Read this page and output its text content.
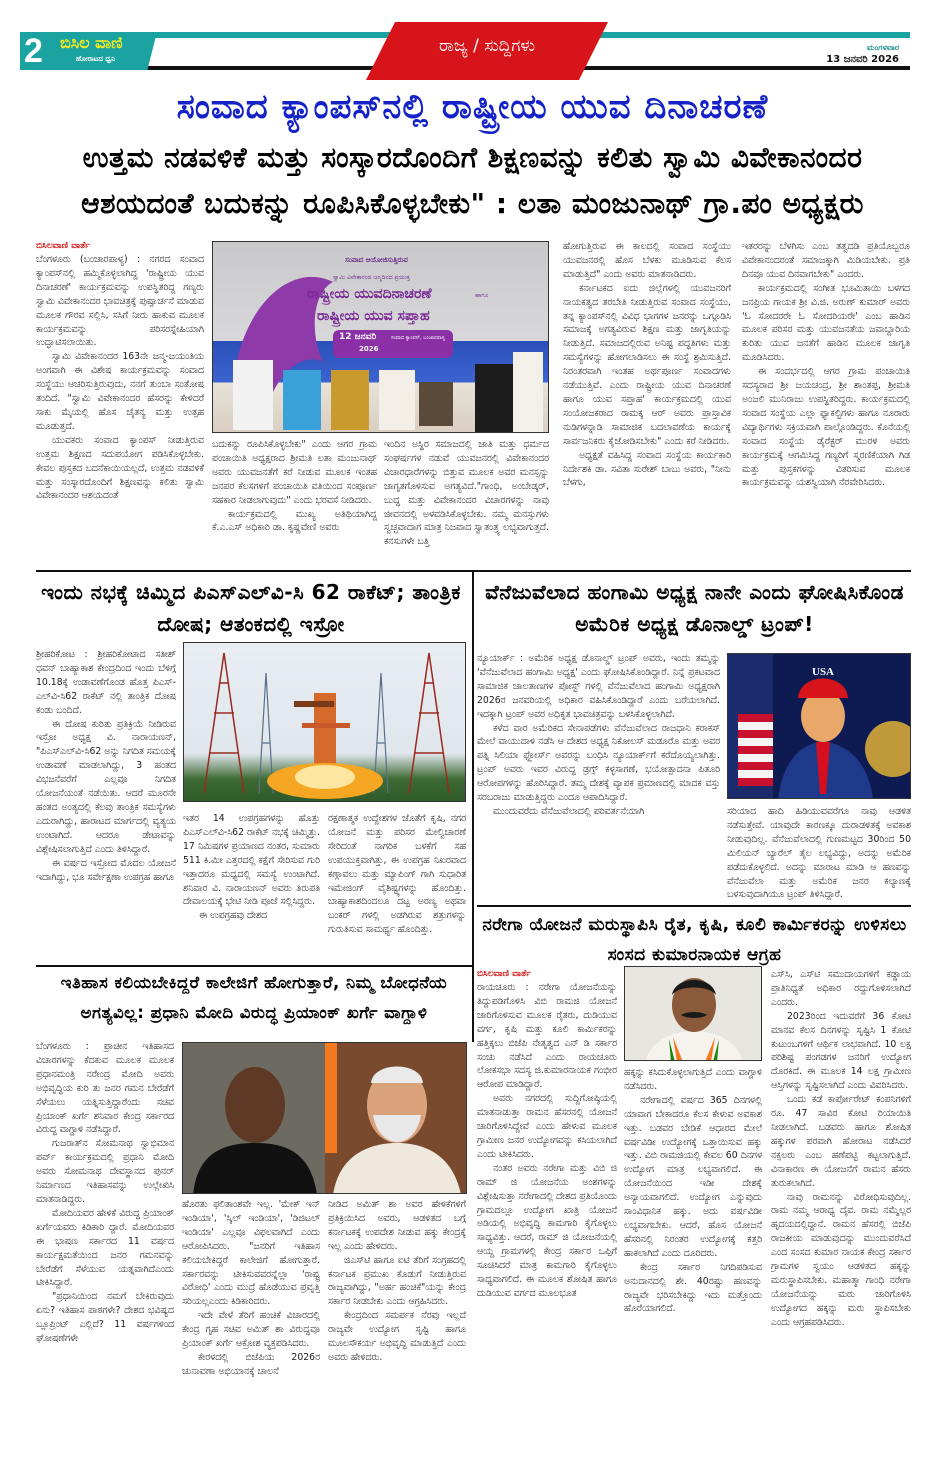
2 ಬಿಸಿಲ ವಾಣಿ
ಹೋರಾಟದ ಧ್ವನಿ
ರಾಜ್ಯ / ಸುದ್ದಿಗಳು	ಮಂಗಳವಾರ
13 ಜನವರಿ 2026
ಸಂವಾದ ಕ್ಯಾಂಪಸ್‌ನಲ್ಲಿ ರಾಷ್ಟ್ರೀಯ ಯುವ ದಿನಾಚರಣೆ
ಉತ್ತಮ ನಡವಳಿಕೆ ಮತ್ತು ಸಂಸ್ಕಾರದೊಂದಿಗೆ ಶಿಕ್ಷಣವನ್ನು ಕಲಿತು ಸ್ವಾಮಿ ವಿವೇಕಾನಂದರ ಆಶಯದಂತೆ ಬದುಕನ್ನು ರೂಪಿಸಿಕೊಳ್ಳಬೇಕು" : ಲತಾ ಮಂಜುನಾಥ್ ಗ್ರಾ.ಪಂ ಅಧ್ಯಕ್ಷರು
ಬಿಸಿಲವಾಣಿ ವಾರ್ತೆ

ಬೆಂಗಳೂರು (ಬಂಜಾರಪಾಳ್ಯ) : ನಗರದ ಸಂವಾದ ಕ್ಯಾಂಪಸ್‌ನಲ್ಲಿ ಹಮ್ಮಿಕೊಳ್ಳಲಾಗಿದ್ದ 'ರಾಷ್ಟ್ರೀಯ ಯುವ ದಿನಾಚರಣೆ' ಕಾರ್ಯಕ್ರಮವನ್ನು ಉಪಸ್ಥಿತರಿದ್ದ ಗಣ್ಯರು ಸ್ವಾಮಿ ವಿವೇಕಾನಂದರ ಭಾವಚಿತ್ರಕ್ಕೆ ಪುಷ್ಪಾರ್ಚನೆ ಮಾಡುವ ಮೂಲಕ ಗೌರವ ಸಲ್ಲಿಸಿ, ಸಸಿಗೆ ನೀರು ಹಾಕುವ ಮೂಲಕ ಕಾರ್ಯಕ್ರಮವನ್ನು ಪರಿಸರಸ್ನೇಹಿಯಾಗಿ ಉದ್ಘಾಟಿಸಲಾಯಿತು.

ಸ್ವಾಮಿ ವಿವೇಕಾನಂದರ 163ನೇ ಜನ್ಮ-ಜಯಂತಿಯ ಅಂಗವಾಗಿ ಈ ವಿಶೇಷ ಕಾರ್ಯಕ್ರಮವನ್ನು ಸಂವಾದ ಸಂಸ್ಥೆಯು ಆಚರಿಸುತ್ತಿರುವುದು, ನನಗೆ ತುಂಬಾ ಸಂತೋಷ ತಂದಿದೆ. "ಸ್ವಾಮಿ ವಿವೇಕಾನಂದರ ಹೆಸರನ್ನು ಕೇಳಿದರೆ ಸಾಕು ಮೈಯಲ್ಲಿ ಹೊಸ ಚೈತನ್ಯ ಮತ್ತು ಉತ್ಸಹ ಮೂಡುತ್ತದೆ.

ಯುವಕರು ಸಂವಾದ ಕ್ಯಾಂಪಸ್ ನೀಡುತ್ತಿರುವ ಉತ್ತಮ ಶಿಕ್ಷಣದ ಸದುಪಯೋಗ ಪಡಿಸಿಕೊಳ್ಳಬೇಕು. ಕೇವಲ ಪುಸ್ತಕದ ಬದನೆಕಾಯಿಯಲ್ಲದೆ, ಉತ್ತಮ ನಡವಳಿಕೆ ಮತ್ತು ಸಂಸ್ಕಾರದೊಂದಿಗೆ ಶಿಕ್ಷಣವನ್ನು ಕಲಿತು ಸ್ವಾಮಿ ವಿವೇಕಾನಂದರ ಆಶಯದಂತೆ

ಸಂವಾದ ಆಯೋಜಿಸುತ್ತಿರುವ
ಸ್ವಾಮಿ ವಿವೇಕಾನಂದ ಜನ್ಮದಿನದ ಪ್ರಯುಕ್ತ
ರಾಷ್ಟ್ರೀಯ ಯುವದಿನಾಚರಣೆ	ಹಾಗೂ
ರಾಷ್ಟ್ರೀಯ ಯುವ ಸಪ್ತಾಹ
12 ಜನವರಿ
2026
ಸಂವಾದ ಕ್ಯಾಂಪಸ್, ಬಂಜಾರಪಾಳ್ಯ

ಬದುಕನ್ನು ರೂಪಿಸಿಕೊಳ್ಳಬೇಕು" ಎಂದು ಆಗರ ಗ್ರಾಮ ಪಂಚಾಯಿತಿ ಅಧ್ಯಕ್ಷರಾದ ಶ್ರೀಮತಿ ಲತಾ ಮಂಜುನಾಥ್ ಅವರು ಯುವಜನತೆಗೆ ಕರೆ ನೀಡುವ ಮೂಲಕ ಇಂತಹ ಜನಪರ ಕೆಲಸಗಳಿಗೆ ಪಂಚಾಯಿತಿ ವತಿಯಿಂದ ಸಂಪೂರ್ಣ ಸಹಕಾರ ನೀಡಲಾಗುವುದು" ಎಂದು ಭರವಸೆ ನೀಡಿದರು.

ಕಾರ್ಯಕ್ರಮದಲ್ಲಿ ಮುಖ್ಯ ಅತಿಥಿಯಾಗಿದ್ದ ಕೆ.ಎ.ಎಸ್ ಅಧಿಕಾರಿ ಡಾ. ಕೃಷ್ಣವೇಣಿ ಅವರು

ಇಂದಿನ ಅಸ್ಥಿರ ಸಮಾಜದಲ್ಲಿ ಜಾತಿ ಮತ್ತು ಧರ್ಮದ ಸಂಘರ್ಷಗಳ ನಡುವೆ ಯುವಜನರಲ್ಲಿ ವಿವೇಕಾನಂದರ ವಿಚಾರಧಾರೆಗಳನ್ನು ಬಿತ್ತುವ ಮೂಲಕ ಅವರ ಮನಸ್ಸನ್ನು ಜಾಗೃತಗೊಳಿಸುವ ಅಗತ್ಯವಿದೆ."ಗಾಂಧಿ, ಅಂಬೇಡ್ಕರ್, ಬುದ್ಧ ಮತ್ತು ವಿವೇಕಾನಂದರ ವಿಚಾರಗಳನ್ನು ನಾವು ಜೀವನದಲ್ಲಿ ಅಳವಡಿಸಿಕೊಳ್ಳಬೇಕು. ನಮ್ಮ ಮನಸ್ಸುಗಳು ಸ್ವಚ್ಛವಾದಾಗ ಮಾತ್ರ ನಿಜವಾದ ಸ್ವಾತಂತ್ರ್ಯ ಲಭ್ಯವಾಗುತ್ತದೆ. ಕನಸುಗಳೇ ಬತ್ತಿ

ಹೋಗುತ್ತಿರುವ ಈ ಕಾಲದಲ್ಲಿ ಸಂವಾದ ಸಂಸ್ಥೆಯು ಯುವಜನರಲ್ಲಿ ಹೊಸ ಬೆಳಕು ಮೂಡಿಸುವ ಕೆಲಸ ಮಾಡುತ್ತಿದೆ" ಎಂದು ಅವರು ಮಾತನಾಡಿದರು.

ಕರ್ನಾಟಕದ ಐದು ಜಿಲ್ಲೆಗಳಲ್ಲಿ ಯುವಜನರಿಗೆ ನಾಯಕತ್ವದ ತರಬೇತಿ ನೀಡುತ್ತಿರುವ ಸಂವಾದ ಸಂಸ್ಥೆಯು, ತನ್ನ ಕ್ಯಾಂಪಸ್‌ನಲ್ಲಿ ವಿವಿಧ ಭಾಗಗಳ ಜನರನ್ನು ಒಗ್ಗೂಡಿಸಿ ಸಮಾಜಕ್ಕೆ ಅಗತ್ಯವಿರುವ ಶಿಕ್ಷಣ ಮತ್ತು ಜಾಗೃತಿಯನ್ನು ನೀಡುತ್ತಿದೆ. ಸಮಾಜದಲ್ಲಿರುವ ಅನಿಷ್ಟ ಪದ್ಧತಿಗಳು ಮತ್ತು ಸಮಸ್ಯೆಗಳನ್ನು ಹೋಗಲಾಡಿಸಲು ಈ ಸಂಸ್ಥೆ ಶ್ರಮಿಸುತ್ತಿದೆ. ನಿರಂತರವಾಗಿ ಇಂತಹ ಅರ್ಥಪೂರ್ಣ ಸಂವಾದಗಳು ನಡೆಯುತ್ತಿವೆ. ಎಂದು ರಾಷ್ಟ್ರೀಯ ಯುವ ದಿನಾಚರಣೆ ಹಾಗೂ ಯುವ ಸಪ್ತಾಹ' ಕಾರ್ಯಕ್ರಮದಲ್ಲಿ ಯುವ ಸಂಯೋಜಕರಾದ ರಾಮಕ್ಕ ಆರ್ ಅವರು ಪ್ರಾಸ್ತಾವಿಕ ನುಡಿಗಳನ್ನಾಡಿ ಸಾಮಾಜಿಕ ಬದಲಾವಣೆಯ ಕಾರ್ಯಕ್ಕೆ ಸಾರ್ವಜನಿಕರು ಕೈಜೋಡಿಸಬೇಕು" ಎಂದು ಕರೆ ನೀಡಿದರು.

ಅಧ್ಯಕ್ಷತೆ ವಹಿಸಿದ್ದ ಸಂವಾದ ಸಂಸ್ಥೆಯ ಕಾರ್ಯಕಾರಿ ನಿರ್ದೇಶಕಿ ಡಾ. ಸವಿತಾ ಸುರೇಶ್ ಬಾಬು ಅವರು, "ನೀನು ಬೆಳಗು,

ಇತರರನ್ನು ಬೆಳಗಿಸು ಎಂಬ ತತ್ವದಡಿ ಪ್ರತಿಯೊಬ್ಬರೂ ವಿವೇಕಾನಂದರಂತೆ ಸಮಾಜಕ್ಕಾಗಿ ಮಿಡಿಯಬೇಕು. ಪ್ರತಿ ದಿನವೂ ಯುವ ದಿನವಾಗಬೇಕು" ಎಂದರು.

ಕಾರ್ಯಕ್ರಮದಲ್ಲಿ ಸಂಗೀತ ಭೂಮಿತಾಯಿ ಬಳಗದ ಜನಪ್ರಿಯ ಗಾಯಕ ಶ್ರೀ ವಿ.ಜಿ. ಅರುಣ್ ಕುಮಾರ್ ಅವರು 'ಓ ಸೋದರರೇ ಓ ಸೋದರಿಯರೇ' ಎಂಬ ಹಾಡಿನ ಮೂಲಕ ಪರಿಸರ ಮತ್ತು ಯುವಜನತೆಯ ಜವಾಬ್ದಾರಿಯ ಕುರಿತು ಯುವ ಜನತೆಗೆ ಹಾಡಿನ ಮೂಲಕ ಜಾಗೃತಿ ಮೂಡಿಸಿದರು.

ಈ ಸಂದರ್ಭದಲ್ಲಿ ಆಗರ ಗ್ರಾಮ ಪಂಚಾಯಿತಿ ಸದಸ್ಯರಾದ ಶ್ರೀ ಜಯಚಂದ್ರ, ಶ್ರೀ ಶಾಂತಪ್ಪ, ಶ್ರೀಮತಿ ಅಂಜಲಿ ಮುನಿರಾಜು ಉಪಸ್ಥಿತರಿದ್ದರು. ಕಾರ್ಯಕ್ರಮದಲ್ಲಿ ಸಂವಾದ ಸಂಸ್ಥೆಯ ಎಲ್ಲಾ ಫ್ಯಾಕಲ್ಟಿಗಳು ಹಾಗೂ ನೂರಾರು ವಿದ್ಯಾರ್ಥಿಗಳು ಸಕ್ರಿಯವಾಗಿ ಪಾಲ್ಗೊಂಡಿದ್ದರು. ಕೊನೆಯಲ್ಲಿ ಸಂವಾದ ಸಂಸ್ಥೆಯ ಡೈರೆಕ್ಟರ್ ಮುರಳಿ ಅವರು ಕಾರ್ಯಕ್ರಮಕ್ಕೆ ಆಗಮಿಸಿದ್ದ ಗಣ್ಯರಿಗೆ ಸ್ಮರಣಿಕೆಯಾಗಿ ಗಿಡ ಮತ್ತು ಪುಸ್ತಕಗಳನ್ನು ವಿತರಿಸುವ ಮೂಲಕ ಕಾರ್ಯಕ್ರಮವನ್ನು ಯಶಸ್ವಿಯಾಗಿ ನೆರವೇರಿಸಿದರು.

ಇಂದು ನಭಕ್ಕೆ ಚಿಮ್ಮಿದ ಪಿಎಸ್‌ಎಲ್‌ವಿ-ಸಿ 62 ರಾಕೆಟ್; ತಾಂತ್ರಿಕ ದೋಷ; ಆತಂಕದಲ್ಲಿ ಇಸ್ರೋ

ಶ್ರೀಹರಿಕೋಟ : ಶ್ರೀಹರಿಕೋಟಾದ ಸತೀಶ್ ಧವನ್ ಬಾಹ್ಯಾಕಾಶ ಕೇಂದ್ರದಿಂದ ಇಂದು ಬೆಳಿಗ್ಗೆ 10.18ಕ್ಕೆ ಉಡಾವಣೆಗೊಂಡ ಹೊತ್ತ ಪಿಎಸ್-ಎಲ್‌ವಿ-ಸಿ62 ರಾಕೆಟ್ ನಲ್ಲಿ ತಾಂತ್ರಿಕ ದೋಷ ಕಂಡು ಬಂದಿದೆ.

ಈ ದೋಷ ಕುರಿತು ಪ್ರತಿಕ್ರಿಯೆ ನೀಡಿರುವ ಇಸ್ರೋ ಅಧ್ಯಕ್ಷ ವಿ. ನಾರಾಯಣನ್, "ಪಿಎಸ್‌ಎಲ್‌ವಿ-ಸಿ62 ಅನ್ನು ನಿಗದಿತ ಸಮಯಕ್ಕೆ ಉಡಾವಣೆ ಮಾಡಲಾಗಿದ್ದು, 3 ಹಂತದ ವಿಭಜನೆವರೆಗೆ ಎಲ್ಲವೂ ನಿಗದಿತ ಯೋಜನೆಯಂತೆ ನಡೆಯಿತು. ಆದರೆ ಮೂರನೇ ಹಂತದ ಅಂತ್ಯದಲ್ಲಿ ಕೆಲವು ತಾಂತ್ರಿಕ ಸಮಸ್ಯೆಗಳು ಎದುರಾಗಿದ್ದು, ಹಾರಾಟದ ಮಾರ್ಗದಲ್ಲಿ ವ್ಯತ್ಯಯ ಉಂಟಾಗಿದೆ. ಆದರೂ ಡೇಟಾವನ್ನು ವಿಶ್ಲೇಷಿಸಲಾಗುತ್ತಿದೆ ಎಂದು ತಿಳಿಸಿದ್ದಾರೆ.

ಈ ವರ್ಷದ ಇಸ್ರೋದ ಮೊದಲ ಯೋಜನೆ ಇದಾಗಿದ್ದು, ಭೂ ಸರ್ವೇಕ್ಷಣಾ ಉಪಗ್ರಹ ಹಾಗೂ

ಇತರ 14 ಉಪಗ್ರಹಗಳನ್ನು ಹೊತ್ತು ಪಿಎಸ್‌ಎಲ್‌ವಿ-ಸಿ62 ರಾಕೆಟ್ ನಭಕ್ಕೆ ಚಿಮ್ಮಿತ್ತು. 17 ನಿಮಿಷಗಳ ಪ್ರಯಾಣದ ನಂತರ, ಸುಮಾರು 511 ಕಿ.ಮೀ ಎತ್ತರದಲ್ಲಿ ಕಕ್ಷೆಗೆ ಸೇರಿಸುವ ಗುರಿ ಇತ್ತಾದರೂ ಮಧ್ಯದಲ್ಲಿ ಸಮಸ್ಯೆ ಉಂಟಾಗಿದೆ. ಶನಿವಾರ ವಿ. ನಾರಾಯಣನ್ ಅವರು ತಿರುಪತಿ ದೇವಾಲಯಕ್ಕೆ ಭೇಟಿ ನೀಡಿ ಪೂಜೆ ಸಲ್ಲಿಸಿದ್ದರು.

ಈ ಉಪಗ್ರಹವು ದೇಶದ

ರಕ್ಷಣಾತ್ಮಕ ಉದ್ದೇಶಗಳ ಜೊತೆಗೆ ಕೃಷಿ, ನಗರ ಯೋಜನೆ ಮತ್ತು ಪರಿಸರ ಮೇಲ್ವಿಚಾರಣೆ ಸೇರಿದಂತೆ ನಾಗರಿಕ ಬಳಕೆಗೆ ಸಹ ಉಪಯುಕ್ತವಾಗಿತ್ತು, ಈ ಉಪಗ್ರಹ ನಿಖರವಾದ ಕಣ್ಗಾವಲು ಮತ್ತು ಮ್ಯಾಪಿಂಗ್ ಗಾಗಿ ಸುಧಾರಿತ ಇಮೇಜಿಂಗ್ ವೈಶಿಷ್ಟ್ಯಗಳನ್ನು ಹೊಂದಿತ್ತು. ಬಾಹ್ಯಾಕಾಶದಿಂದಲೂ ದಟ್ಟ ಅರಣ್ಯ ಅಥವಾ ಬಂಕರ್ ಗಳಲ್ಲಿ ಅಡಗಿರುವ ಶತ್ರುಗಳನ್ನು ಗುರುತಿಸುವ ಸಾಮರ್ಥ್ಯ ಹೊಂದಿತ್ತು.

ವೆನೆಜುವೆಲಾದ ಹಂಗಾಮಿ ಅಧ್ಯಕ್ಷ ನಾನೇ ಎಂದು ಘೋಷಿಸಿಕೊಂಡ ಅಮೆರಿಕ ಅಧ್ಯಕ್ಷ ಡೊನಾಲ್ಡ್ ಟ್ರಂಪ್!

ನ್ಯೂಯಾರ್ಕ್ : ಅಮೆರಿಕ ಅಧ್ಯಕ್ಷ ಡೊನಾಲ್ಡ್ ಟ್ರಂಪ್ ಅವರು, ಇಂದು ತಮ್ಮನ್ನು 'ವೆನೆಜುವೆಲಾದ ಹಂಗಾಮಿ ಅಧ್ಯಕ್ಷ' ಎಂದು ಘೋಷಿಸಿಕೊಂಡಿದ್ದಾರೆ. ನಿನ್ನೆ ಪ್ರಕಟವಾದ ಸಾಮಾಜಿಕ ಜಾಲತಾಣಗಳ ಪೋಸ್ಟ್ ಗಳಲ್ಲಿ ವೆನೆಜುವೆಲಾದ ಹಂಗಾಮಿ ಅಧ್ಯಕ್ಷರಾಗಿ 2026ರ ಜನವರಿಯಲ್ಲಿ ಅಧಿಕಾರ ವಹಿಸಿಕೊಂಡಿದ್ದಾರೆ ಎಂದು ಬರೆಯಲಾಗಿದೆ. ಇದಕ್ಕಾಗಿ ಟ್ರಂಪ್ ಅವರ ಅಧಿಕೃತ ಭಾವಚಿತ್ರವನ್ನು ಬಳಸಿಕೊಳ್ಳಲಾಗಿದೆ.

ಕಳೆದ ವಾರ ಅಮೆರಿಕದ ಸೇನಾಪಡೆಗಳು ವೆನೆಜುವೆಲಾದ ರಾಜಧಾನಿ ಕರಾಕಸ್ ಮೇಲೆ ವಾಯುದಾಳಿ ನಡೆಸಿ ಆ ದೇಶದ ಅಧ್ಯಕ್ಷ ನಿಕೋಲಸ್ ಮಡೂರೊ ಮತ್ತು ಅವರ ಪತ್ನಿ ಸಿಲಿಯಾ ಫ್ಲೋರ್ಸ್ ಅವರನ್ನು ಬಂಧಿಸಿ ನ್ಯೂಯಾರ್ಕ್‌ಗೆ ಕರೆದೊಯ್ಯಲಾಗಿತ್ತು. ಟ್ರಂಪ್ ಅವರು ಇವರ ವಿರುದ್ಧ ಡ್ರಗ್ಸ್ ಕಳ್ಳಸಾಗಣೆ, ಭಯೋತ್ಪಾದನಾ ಪಿತೂರಿ ಆರೋಪಗಳನ್ನು ಹೊರಿಸಿದ್ದಾರೆ. ತಮ್ಮ ದೇಶಕ್ಕೆ ವ್ಯಾಪಕ ಪ್ರಮಾಣದಲ್ಲಿ ಮಾದಕ ವಸ್ತು ಸರಬರಾಜು ಮಾಡುತ್ತಿದ್ದರು ಎಂದೂ ಆಪಾದಿಸಿದ್ದಾರೆ.

ಮುಂದುವರೆದು ವೆನೆಜುವೆಲಾದಲ್ಲಿ ಪರಿವರ್ತನೆಯಾಗಿ

USA

ಸರಿಯಾದ ಹಾದಿ ಹಿಡಿಯುವವರೆಗೂ ನಾವು ಆಡಳಿತ ನಡೆಸುತ್ತೇವೆ. ಯಾವುದೇ ಕಾರಣಕ್ಕೂ ದುರಾಡಳಿತಕ್ಕೆ ಅವಕಾಶ ನೀಡುವುದಿಲ್ಲ. ವೆನೆಜುವೆಲಾದಲ್ಲಿ ಗುಣಮಟ್ಟದ 30ರಿಂದ 50 ಮಿಲಿಯನ್ ಬ್ಯಾರೆಲ್ ತೈಲ ಲಭ್ಯವಿದ್ದು, ಅದನ್ನು ಅಮೆರಿಕ ಪಡೆದುಕೊಳ್ಳಲಿದೆ. ಅದನ್ನು ಮಾರಾಟ ಮಾಡಿ ಆ ಹಣವನ್ನು ವೆನೆಜುವೆಲಾ ಮತ್ತು ಅಮೆರಿಕ ಜನರ ಕಲ್ಯಾಣಕ್ಕೆ ಬಳಸುವುದಾಗಿಯೂ ಟ್ರಂಪ್ ತಿಳಿಸಿದ್ದಾರೆ.

ನರೇಗಾ ಯೋಜನೆ ಮರುಸ್ಥಾಪಿಸಿ ರೈತ, ಕೃಷಿ, ಕೂಲಿ ಕಾರ್ಮಿಕರನ್ನು ಉಳಿಸಲು ಸಂಸದ ಕುಮಾರನಾಯಕ ಆಗ್ರಹ
ಬಿಸಿಲವಾಣಿ ವಾರ್ತೆ

ರಾಯಚೂರು : ನರೇಗಾ ಯೋಜನೆಯನ್ನು ತಿದ್ದುಪಡಿಗೊಳಿಸಿ ವಿಬಿ ರಾಮಜಿ ಯೋಜನೆ ಜಾರಿಗೊಳಿಸುವ ಮೂಲಕ ರೈತರು, ದುಡಿಯುವ ವರ್ಗ, ಕೃಷಿ ಮತ್ತು ಕೂಲಿ ಕಾರ್ಮಿಕರನ್ನು ಹತ್ತಿಕ್ಕಲು ಬಿಜೆಪಿ ನೇತೃತ್ವದ ಎನ್ ಡಿ ಸರ್ಕಾರ ಸಂಚು ನಡೆಸಿದೆ ಎಂದು ರಾಯಚೂರು ಲೋಕಸಭಾ ಸದಸ್ಯ ಜಿ.ಕುಮಾರನಾಯಕ ಗಂಭೀರ ಆರೋಪ ಮಾಡಿದ್ದಾರೆ.

ಅವರು ನಗರದಲ್ಲಿ ಸುದ್ದಿಗೋಷ್ಠಿಯಲ್ಲಿ ಮಾತನಾಡುತ್ತಾ ರಾಮನ ಹೆಸರನಲ್ಲಿ ಯೋಜನೆ ಜಾರಿಗೊಳಿಸಿದ್ದೇವೆ ಎಂದು ಹೇಳುವ ಮೂಲಕ ಗ್ರಾಮೀಣ ಜನರ ಉದ್ಯೋಗವನ್ನು ಕಸಿಯಲಾಗಿದೆ ಎಂದು ಟೀಕಿಸಿದರು.

ನಂತರ ಅವರು ನರೇಗಾ ಮತ್ತು ವಿಬಿ ಜಿ ರಾಮ್ ಜಿ ಯೋಜನೆಯ ಅಂಶಗಳನ್ನು ವಿಶ್ಲೇಷಿಸುತ್ತಾ ನರೇಗಾದಲ್ಲಿ ದೇಶದ ಪ್ರತಿಯೊಂದು ಗ್ರಾಮದಲ್ಲೂ ಉದ್ಯೋಗ ಖಾತ್ರಿ ಯೋಜನೆ ಅಡಿಯಲ್ಲಿ ಅಭಿವೃದ್ಧಿ ಕಾಮಗಾರಿ ಕೈಗೊಳ್ಳಲು ಸಾಧ್ಯವಿತ್ತು. ಆದರೆ, ರಾಮ್ ಜಿ ಯೋಜನೆಯಲ್ಲಿ ಆಯ್ದ ಗ್ರಾಮಗಳಲ್ಲಿ ಕೇಂದ್ರ ಸರ್ಕಾರ ಒಪ್ಪಿಗೆ ಸೂಚಿಸಿದರೆ ಮಾತ್ರ ಕಾಮಗಾರಿ ಕೈಗೊಳ್ಳಲು ಸಾಧ್ಯವಾಗಲಿದೆ. ಈ ಮೂಲಕ ಶೋಷಿತ ಹಾಗೂ ದುಡಿಯುವ ವರ್ಗದ ಮೂಲಭೂತ

ಹಕ್ಕನ್ನು ಕಸಿದುಕೊಳ್ಳಲಾಗುತ್ತಿದೆ ಎಂದು ವಾಗ್ದಾಳಿ ನಡೆಸಿದರು.

ನರೇಗಾದಲ್ಲಿ ವರ್ಷದ 365 ದಿನಗಳಲ್ಲಿ ಯಾವಾಗ ಬೇಕಾದರೂ ಕೆಲಸ ಕೇಳುವ ಅವಕಾಶ ಇತ್ತು. ಬಡವರ ಬೇಡಿಕೆ ಆಧಾರದ ಮೇಲೆ ವರ್ಷವಿಡೀ ಉದ್ಯೋಗಕ್ಕೆ ಒತ್ತಾಯಿಸುವ ಹಕ್ಕು ಇತ್ತು. ವಿಬಿ ರಾಮಜಿಯಲ್ಲಿ ಕೇವಲ 60 ದಿನಗಳ ಉದ್ಯೋಗ ಮಾತ್ರ ಲಭ್ಯವಾಗಲಿದೆ. ಈ ಯೋಜನೆಯಿಂದ ಇಡೀ ದೇಶಕ್ಕೆ ಅನ್ಯಾಯವಾಗಲಿದೆ. ಉದ್ಯೋಗ ಎನ್ನುವುದು ಸಾಂವಿಧಾನಿಕ ಹಕ್ಕು. ಅದು ವರ್ಷವಿಡೀ ಲಭ್ಯವಾಗಬೇಕು. ಆದರೆ, ಹೊಸ ಯೋಜನೆ ಹೆಸರಿನಲ್ಲಿ ನಿರಂತರ ಉದ್ಯೋಗಕ್ಕೆ ಕತ್ತರಿ ಹಾಕಲಾಗಿದೆ ಎಂದು ದೂರಿದರು.

ಕೇಂದ್ರ ಸರ್ಕಾರ ನಿಗದಿಪಡಿಸುವ ಅನುದಾನದಲ್ಲಿ ಶೇ. 40ರಷ್ಟು ಹಣವನ್ನು ರಾಜ್ಯವೇ ಭರಿಸಬೇಕಿದ್ದು ಇದು ಮತ್ತೊಂದು ಹೊರೆಯಾಗಲಿದೆ.

ಎಸ್‌ಸಿ, ಎಸ್‌ಟಿ ಸಮುದಾಯಗಳಿಗೆ ಕಡ್ಡಾಯ ಪ್ರಾತಿನಿಧ್ಯತೆ ಅಧಿಕಾರ ರದ್ದುಗೊಳಿಸಲಾಗಿದೆ ಎಂದರು.

2023ರಿಂದ ಇದುವರೆಗೆ 36 ಕೋಟಿ ಮಾನವ ಕೆಲಸ ದಿನಗಳನ್ನು ಸೃಷ್ಟಿಸಿ 1 ಕೋಟಿ ಕುಟುಂಬಗಳಿಗೆ ಆರ್ಥಿಕ ಲಾಭವಾಗಿದೆ. 10 ಲಕ್ಷ ಪರಿಶಿಷ್ಟ ಪಂಗಡಗಳ ಜನರಿಗೆ ಉದ್ಯೋಗ ದೊರಕಿದೆ. ಈ ಮೂಲಕ 14 ಲಕ್ಷ ಗ್ರಾಮೀಣ ಆಸ್ತಿಗಳನ್ನು ಸೃಷ್ಟಿಸಲಾಗಿದೆ ಎಂದು ವಿವರಿಸಿದರು.

ಒಂದು ಕಡೆ ಕಾರ್ಪೋರೇಟ್ ಕಂಪನಿಗಳಿಗೆ ರೂ. 47 ಸಾವಿರ ಕೋಟಿ ರಿಯಾಯಿತಿ ನೀಡಲಾಗಿದೆ. ಬಡವರು ಹಾಗೂ ಶೋಷಿತ ಹಕ್ಕುಗಳ ಪರವಾಗಿ ಹೋರಾಟ ನಡೆಸಿದರೆ ನಕ್ಸಲರು ಎಂಬ ಹಣೆಪಟ್ಟಿ ಕಟ್ಟಲಾಗುತ್ತಿದೆ. ವಿನಾಕಾರಣ ಈ ಯೋಜನೆಗೆ ರಾಮನ ಹೆಸರು ತುರುಕಲಾಗಿದೆ.

ನಾವು ರಾಮನನ್ನು ವಿರೋಧಿಸುವುದಿಲ್ಲ. ರಾಮ ನಮ್ಮ ಆರಾಧ್ಯ ದೈವ. ರಾಮ ನಮ್ಮೆಲ್ಲರ ಹೃದಯದಲ್ಲಿದ್ದಾನೆ. ರಾಮನ ಹೆಸರಲ್ಲಿ ಬಿಜೆಪಿ ರಾಜಕೀಯ ಮಾಡುವುದನ್ನು ಮುಂದುವರೆಸಿದೆ ಎಂದ ಸಂಸದ ಕುಮಾರ ನಾಯಕ ಕೇಂದ್ರ ಸರ್ಕಾರ ಗ್ರಾಮಗಳ ಸ್ವಯಂ ಆಡಳಿತದ ಹಕ್ಕನ್ನು ಮರುಸ್ಥಾಪಿಸಬೇಕು. ಮಹಾತ್ಮಾ ಗಾಂಧಿ ನರೇಗಾ ಯೋಜನೆಯನ್ನು ಮರು ಜಾರಿಗೊಳಿಸಿ ಉದ್ಯೋಗದ ಹಕ್ಕನ್ನು ಮರು ಸ್ಥಾಪಿಸಬೇಕು ಎಂದು ಆಗ್ರಹಪಡಿಸಿದರು.

ಇತಿಹಾಸ ಕಲಿಯಬೇಕಿದ್ದರೆ ಕಾಲೇಜಿಗೆ ಹೋಗುತ್ತಾರೆ, ನಿಮ್ಮ ಬೋಧನೆಯ ಅಗತ್ಯವಿಲ್ಲ: ಪ್ರಧಾನಿ ಮೋದಿ ವಿರುದ್ಧ ಪ್ರಿಯಾಂಕ್ ಖರ್ಗೆ ವಾಗ್ದಾಳಿ

ಬೆಂಗಳೂರು : ಪ್ರಾಚೀನ ಇತಿಹಾಸದ ವಿಚಾರಗಳನ್ನು ಕೆದಕುವ ಮೂಲಕ ಮೂಲಕ ಪ್ರಧಾನಮಂತ್ರಿ ನರೇಂದ್ರ ಮೋದಿ ಅವರು ಅಭಿವೃದ್ಧಿಯ ಕುರಿ ತು ಜನರ ಗಮನ ಬೇರೆಡೆಗೆ ಸೆಳೆಯಲು ಯತ್ನಿಸುತ್ತಿದ್ದಾರೆಂದು ಸಚಿವ ಪ್ರಿಯಾಂಕ್ ಖರ್ಗೆ ಶನಿವಾರ ಕೇಂದ್ರ ಸರ್ಕಾರದ ವಿರುದ್ಧ ವಾಗ್ದಾಳಿ ನಡೆಸಿದ್ದಾರೆ.

ಗುಜರಾತ್‌ನ ಸೋಮನಾಥ ಸ್ವಾಭಿಮಾನ ಪರ್ವ್ ಕಾರ್ಯಕ್ರಮದಲ್ಲಿ ಪ್ರಧಾನಿ ಮೋದಿ ಅವರು ಸೋಮನಾಥ ದೇವಸ್ಥಾನದ ಪುನರ್ ನಿರ್ಮಾಣದ ಇತಿಹಾಸವನ್ನು ಉಲ್ಲೇಖಿಸಿ ಮಾತನಾಡಿದ್ದರು.

ಮೋದಿಯವರ ಹೇಳಿಕೆ ವಿರುದ್ಧ ಪ್ರಿಯಾಂಕ್ ಖರ್ಗೆಯವರು ಕಿಡಿಕಾರಿ ದ್ದಾರೆ. ಮೋದಿಯವರ ಈ ಭಾಷಣ ಸರ್ಕಾರದ 11 ವರ್ಷದ ಕಾರ್ಯಕ್ಷಮತೆಯಿಂದ ಜನರ ಗಮನವನ್ನು ಬೇರೆಡೆಗೆ ಸೆಳೆಯುವ ಯತ್ನವಾಗಿದೆಎಂದು ಟೀಕಿಸಿದ್ದಾರೆ.

"ಪ್ರಧಾನಿಯಿಂದ ನಮಗೆ ಬೇಕಿರುವುದು ಏನು? ಇತಿಹಾಸ ಪಾಠಗಳೇ? ದೇಶದ ಭವಿಷ್ಯದ ಬ್ಲೂಪ್ರಿಂಟ್ ಎಲ್ಲಿದೆ? 11 ವರ್ಷಗಳಿಂದ ಘೋಷಣೆಗಳೇ

ಹೊರತು ಫಲಿತಾಂಶವೇ ಇಲ್ಲ. 'ಮೇಕ್ ಇನ್ ಇಂಡಿಯಾ', 'ಸ್ಕಿಲ್ ಇಂಡಿಯಾ', 'ಡಿಜಿಟಲ್ ಇಂಡಿಯಾ' ಎಲ್ಲವೂ ವಿಫಲವಾಗಿದೆ ಎಂದು ಆರೋಪಿಸಿದರು. "ಜನರಿಗೆ ಇತಿಹಾಸ ಕಲಿಯಬೇಕಿದ್ದರೆ ಕಾಲೇಜಿಗೆ ಹೋಗುತ್ತಾರೆ. ಸರ್ಕಾರವನ್ನು ಟೀಕಿಸುವವರನ್ನೆಲ್ಲಾ 'ರಾಷ್ಟ್ರ ವಿರೋಧಿ' ಎಂದು ಮುದ್ರೆ ಹೊಡೆಯುವ ಪ್ರವೃತ್ತಿ ಸರಿಯಲ್ಲಎಂದು ಕಿಡಿಕಾರಿದರು.

ಇದೇ ವೇಳೆ ತೆರಿಗೆ ಹಂಚಿಕೆ ವಿಚಾರದಲ್ಲಿ ಕೇಂದ್ರ ಗೃಹ ಸಚಿವ ಅಮಿತ್ ಶಾ ವಿರುದ್ಧವೂ ಪ್ರಿಯಾಂಕ್ ಖರ್ಗೆ ಆಕ್ರೋಶ ವ್ಯಕ್ತಪಡಿಸಿದರು.

ಕೇರಳದಲ್ಲಿ ಬಿಜೆಪಿಯ 2026ರ ಚುನಾವಣಾ ಅಭಿಯಾನಕ್ಕೆ ಚಾಲನೆ

ನೀಡಿದ ಅಮಿತ್ ಶಾ ಅವರ ಹೇಳಿಕೆಗಳಿಗೆ ಪ್ರತಿಕ್ರಿಯಿಸಿದ ಅವರು, ಆಡಳಿತದ ಬಗ್ಗೆ ಕರ್ನಾಟಕಕ್ಕೆ ಉಪದೇಶ ನೀಡುವ ಹಕ್ಕು ಕೇಂದ್ರಕ್ಕೆ ಇಲ್ಲ ಎಂದು ಹೇಳಿದರು.

ಜಿಎಸ್‌ಟಿ ಹಾಗೂ ಐಟಿ ತೆರಿಗೆ ಸಂಗ್ರಹದಲ್ಲಿ ಕರ್ನಾಟಕ ಪ್ರಮುಖ ಕೊಡುಗೆ ನೀಡುತ್ತಿರುವ ರಾಜ್ಯವಾಗಿದ್ದು, "ಅರ್ಹ ಹಂಚಿಕೆ"ಯನ್ನು ಕೇಂದ್ರ ಸರ್ಕಾರ ನೀಡಬೇಕು ಎಂದು ಆಗ್ರಹಿಸಿದರು.

ಕೇಂದ್ರದಿಂದ ಸಮರ್ಪಕ ನೆರವು ಇಲ್ಲದೆ ರಾಜ್ಯವೇ ಉದ್ಯೋಗ ಸೃಷ್ಟಿ ಹಾಗೂ ಮೂಲಸೌಕರ್ಯ ಅಭಿವೃದ್ಧಿ ಮಾಡುತ್ತಿದೆ ಎಂದು ಅವರು ಹೇಳಿದರು.
